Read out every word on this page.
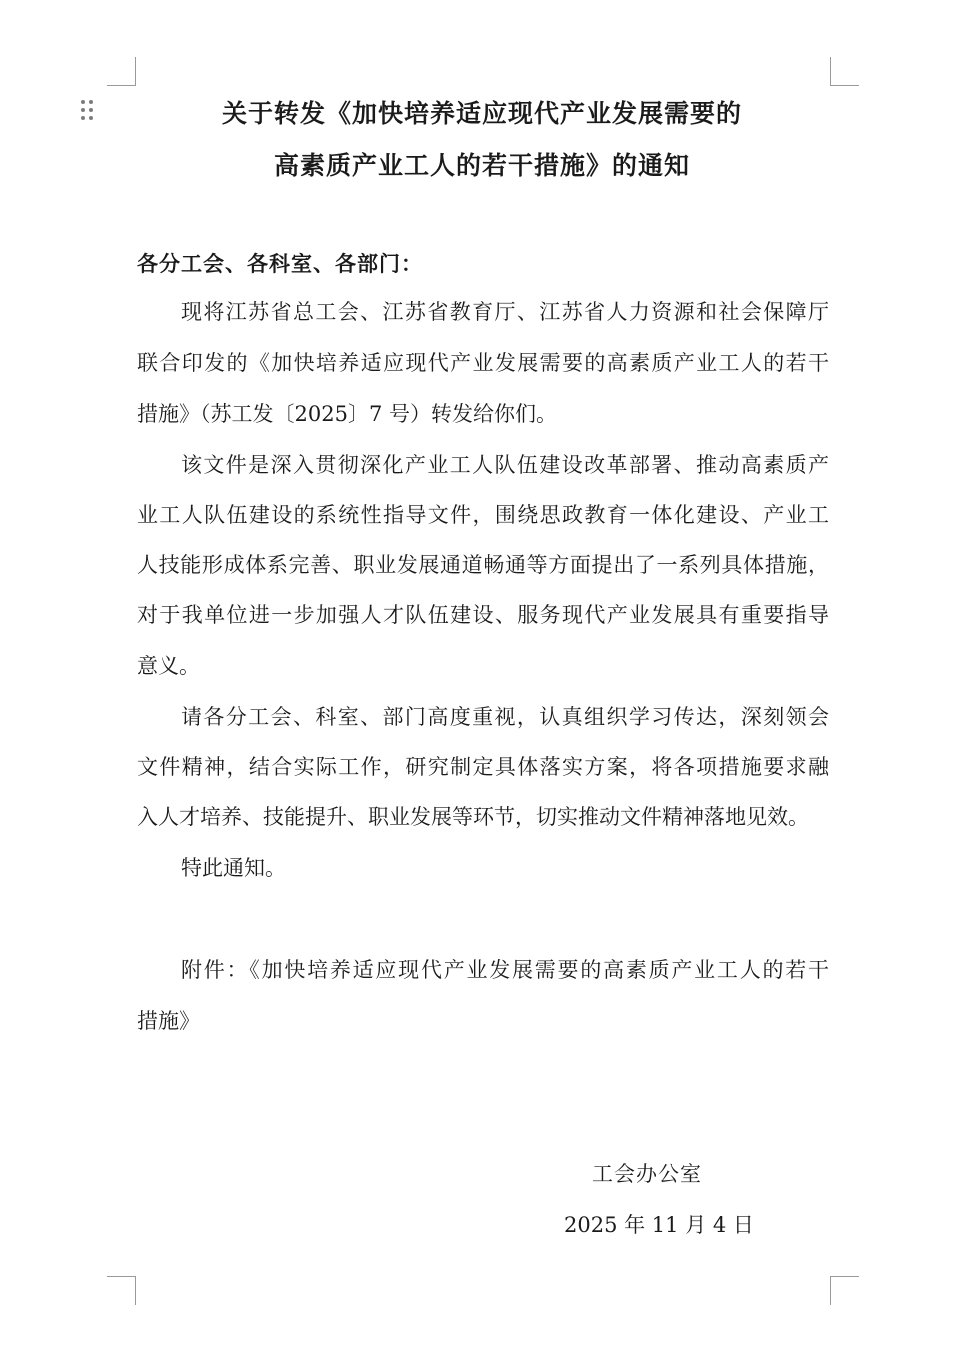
关于转发《加快培养适应现代产业发展需要的
高素质产业工人的若干措施》的通知
各分工会、各科室、各部门：
现将江苏省总工会、江苏省教育厅、江苏省人力资源和社会保障厅
联合印发的《加快培养适应现代产业发展需要的高素质产业工人的若干
措施》（苏工发〔2025〕7 号）转发给你们。
该文件是深入贯彻深化产业工人队伍建设改革部署、推动高素质产
业工人队伍建设的系统性指导文件，围绕思政教育一体化建设、产业工
人技能形成体系完善、职业发展通道畅通等方面提出了一系列具体措施，
对于我单位进一步加强人才队伍建设、服务现代产业发展具有重要指导
意义。
请各分工会、科室、部门高度重视，认真组织学习传达，深刻领会
文件精神，结合实际工作，研究制定具体落实方案，将各项措施要求融
入人才培养、技能提升、职业发展等环节，切实推动文件精神落地见效。
特此通知。
附件：《加快培养适应现代产业发展需要的高素质产业工人的若干
措施》
工会办公室
2025 年 11 月 4 日
